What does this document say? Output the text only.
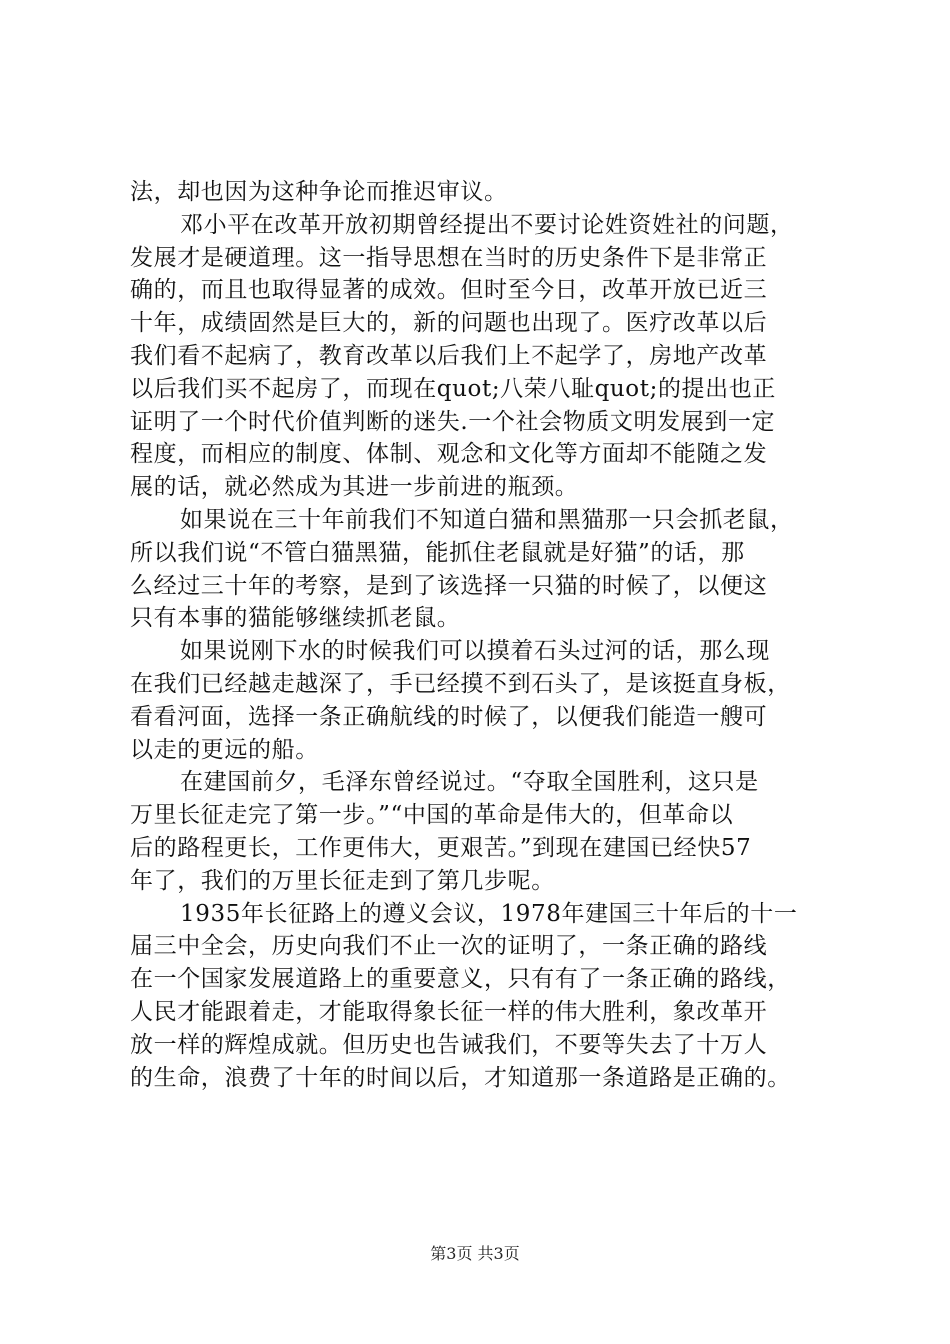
法，却也因为这种争论而推迟审议。
邓小平在改革开放初期曾经提出不要讨论姓资姓社的问题，
发展才是硬道理。这一指导思想在当时的历史条件下是非常正
确的，而且也取得显著的成效。但时至今日，改革开放已近三
十年，成绩固然是巨大的，新的问题也出现了。医疗改革以后
我们看不起病了，教育改革以后我们上不起学了，房地产改革
以后我们买不起房了，而现在quot;八荣八耻quot;的提出也正
证明了一个时代价值判断的迷失.一个社会物质文明发展到一定
程度，而相应的制度、体制、观念和文化等方面却不能随之发
展的话，就必然成为其进一步前进的瓶颈。
如果说在三十年前我们不知道白猫和黑猫那一只会抓老鼠，
所以我们说“不管白猫黑猫，能抓住老鼠就是好猫”的话，那
么经过三十年的考察，是到了该选择一只猫的时候了，以便这
只有本事的猫能够继续抓老鼠。
如果说刚下水的时候我们可以摸着石头过河的话，那么现
在我们已经越走越深了，手已经摸不到石头了，是该挺直身板，
看看河面，选择一条正确航线的时候了，以便我们能造一艘可
以走的更远的船。
在建国前夕，毛泽东曾经说过。“夺取全国胜利，这只是
万里长征走完了第一步。”“中国的革命是伟大的，但革命以
后的路程更长，工作更伟大，更艰苦。”到现在建国已经快57
年了，我们的万里长征走到了第几步呢。
1935年长征路上的遵义会议，1978年建国三十年后的十一
届三中全会，历史向我们不止一次的证明了，一条正确的路线
在一个国家发展道路上的重要意义，只有有了一条正确的路线，
人民才能跟着走，才能取得象长征一样的伟大胜利，象改革开
放一样的辉煌成就。但历史也告诫我们，不要等失去了十万人
的生命，浪费了十年的时间以后，才知道那一条道路是正确的。
第3页 共3页
